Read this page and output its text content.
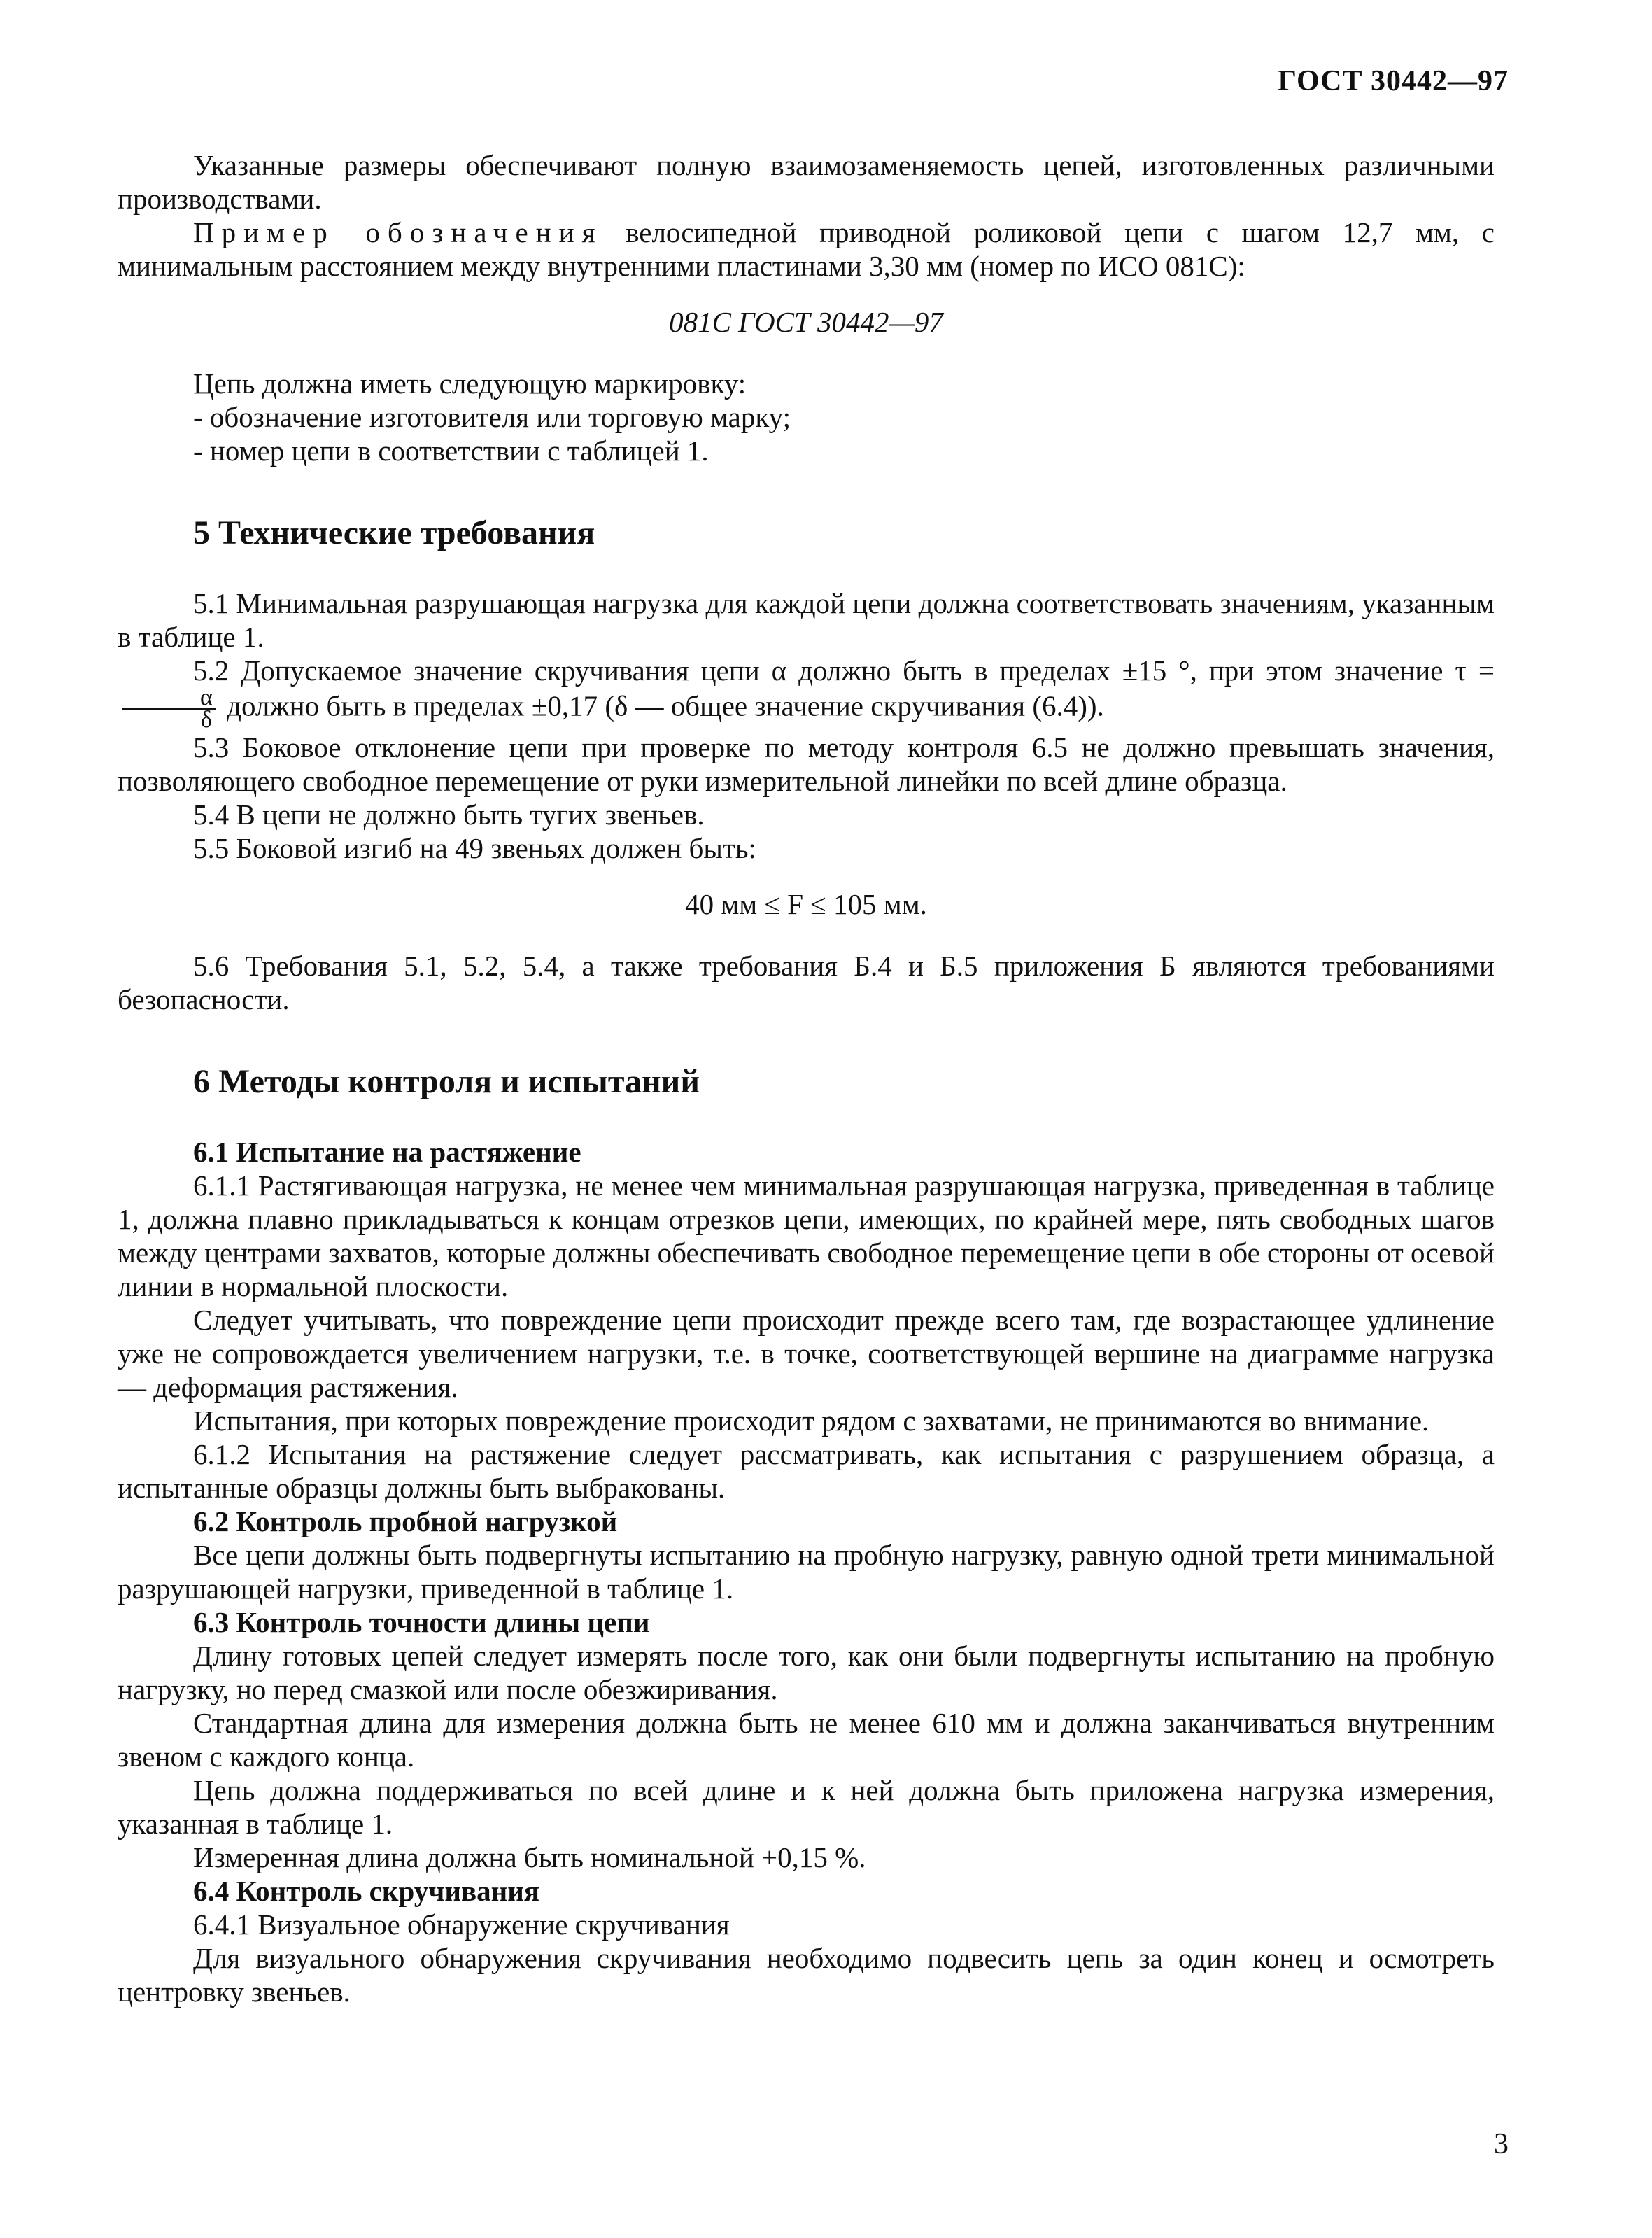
ГОСТ 30442—97

Указанные размеры обеспечивают полную взаимозаменяемость цепей, изготовленных различными производствами.

Пример обозначения велосипедной приводной роликовой цепи с шагом 12,7 мм, с минимальным расстоянием между внутренними пластинами 3,30 мм (номер по ИСО 081С):

081С ГОСТ 30442—97

Цепь должна иметь следующую маркировку:

- обозначение изготовителя или торговую марку;

- номер цепи в соответствии с таблицей 1.

5 Технические требования

5.1 Минимальная разрушающая нагрузка для каждой цепи должна соответствовать значениям, указанным в таблице 1.

5.2 Допускаемое значение скручивания цепи α должно быть в пределах ±15 °, при этом значение τ =
$\frac{\alpha}{\delta}$ должно быть в пределах ±0,17 (δ — общее значение скручивания (6.4)).

5.3 Боковое отклонение цепи при проверке по методу контроля 6.5 не должно превышать значения, позволяющего свободное перемещение от руки измерительной линейки по всей длине образца.

5.4 В цепи не должно быть тугих звеньев.

5.5 Боковой изгиб на 49 звеньях должен быть:

40 мм ≤ F ≤ 105 мм.

5.6 Требования 5.1, 5.2, 5.4, а также требования Б.4 и Б.5 приложения Б являются требованиями безопасности.

6 Методы контроля и испытаний

6.1 Испытание на растяжение

6.1.1 Растягивающая нагрузка, не менее чем минимальная разрушающая нагрузка, приведенная в таблице 1, должна плавно прикладываться к концам отрезков цепи, имеющих, по крайней мере, пять свободных шагов между центрами захватов, которые должны обеспечивать свободное перемещение цепи в обе стороны от осевой линии в нормальной плоскости.

Следует учитывать, что повреждение цепи происходит прежде всего там, где возрастающее удлинение уже не сопровождается увеличением нагрузки, т.е. в точке, соответствующей вершине на диаграмме нагрузка — деформация растяжения.

Испытания, при которых повреждение происходит рядом с захватами, не принимаются во внимание.

6.1.2 Испытания на растяжение следует рассматривать, как испытания с разрушением образца, а испытанные образцы должны быть выбракованы.

6.2 Контроль пробной нагрузкой

Все цепи должны быть подвергнуты испытанию на пробную нагрузку, равную одной трети минимальной разрушающей нагрузки, приведенной в таблице 1.

6.3 Контроль точности длины цепи

Длину готовых цепей следует измерять после того, как они были подвергнуты испытанию на пробную нагрузку, но перед смазкой или после обезжиривания.

Стандартная длина для измерения должна быть не менее 610 мм и должна заканчиваться внутренним звеном с каждого конца.

Цепь должна поддерживаться по всей длине и к ней должна быть приложена нагрузка измерения, указанная в таблице 1.

Измеренная длина должна быть номинальной +0,15 %.

6.4 Контроль скручивания

6.4.1 Визуальное обнаружение скручивания

Для визуального обнаружения скручивания необходимо подвесить цепь за один конец и осмотреть центровку звеньев.

3
